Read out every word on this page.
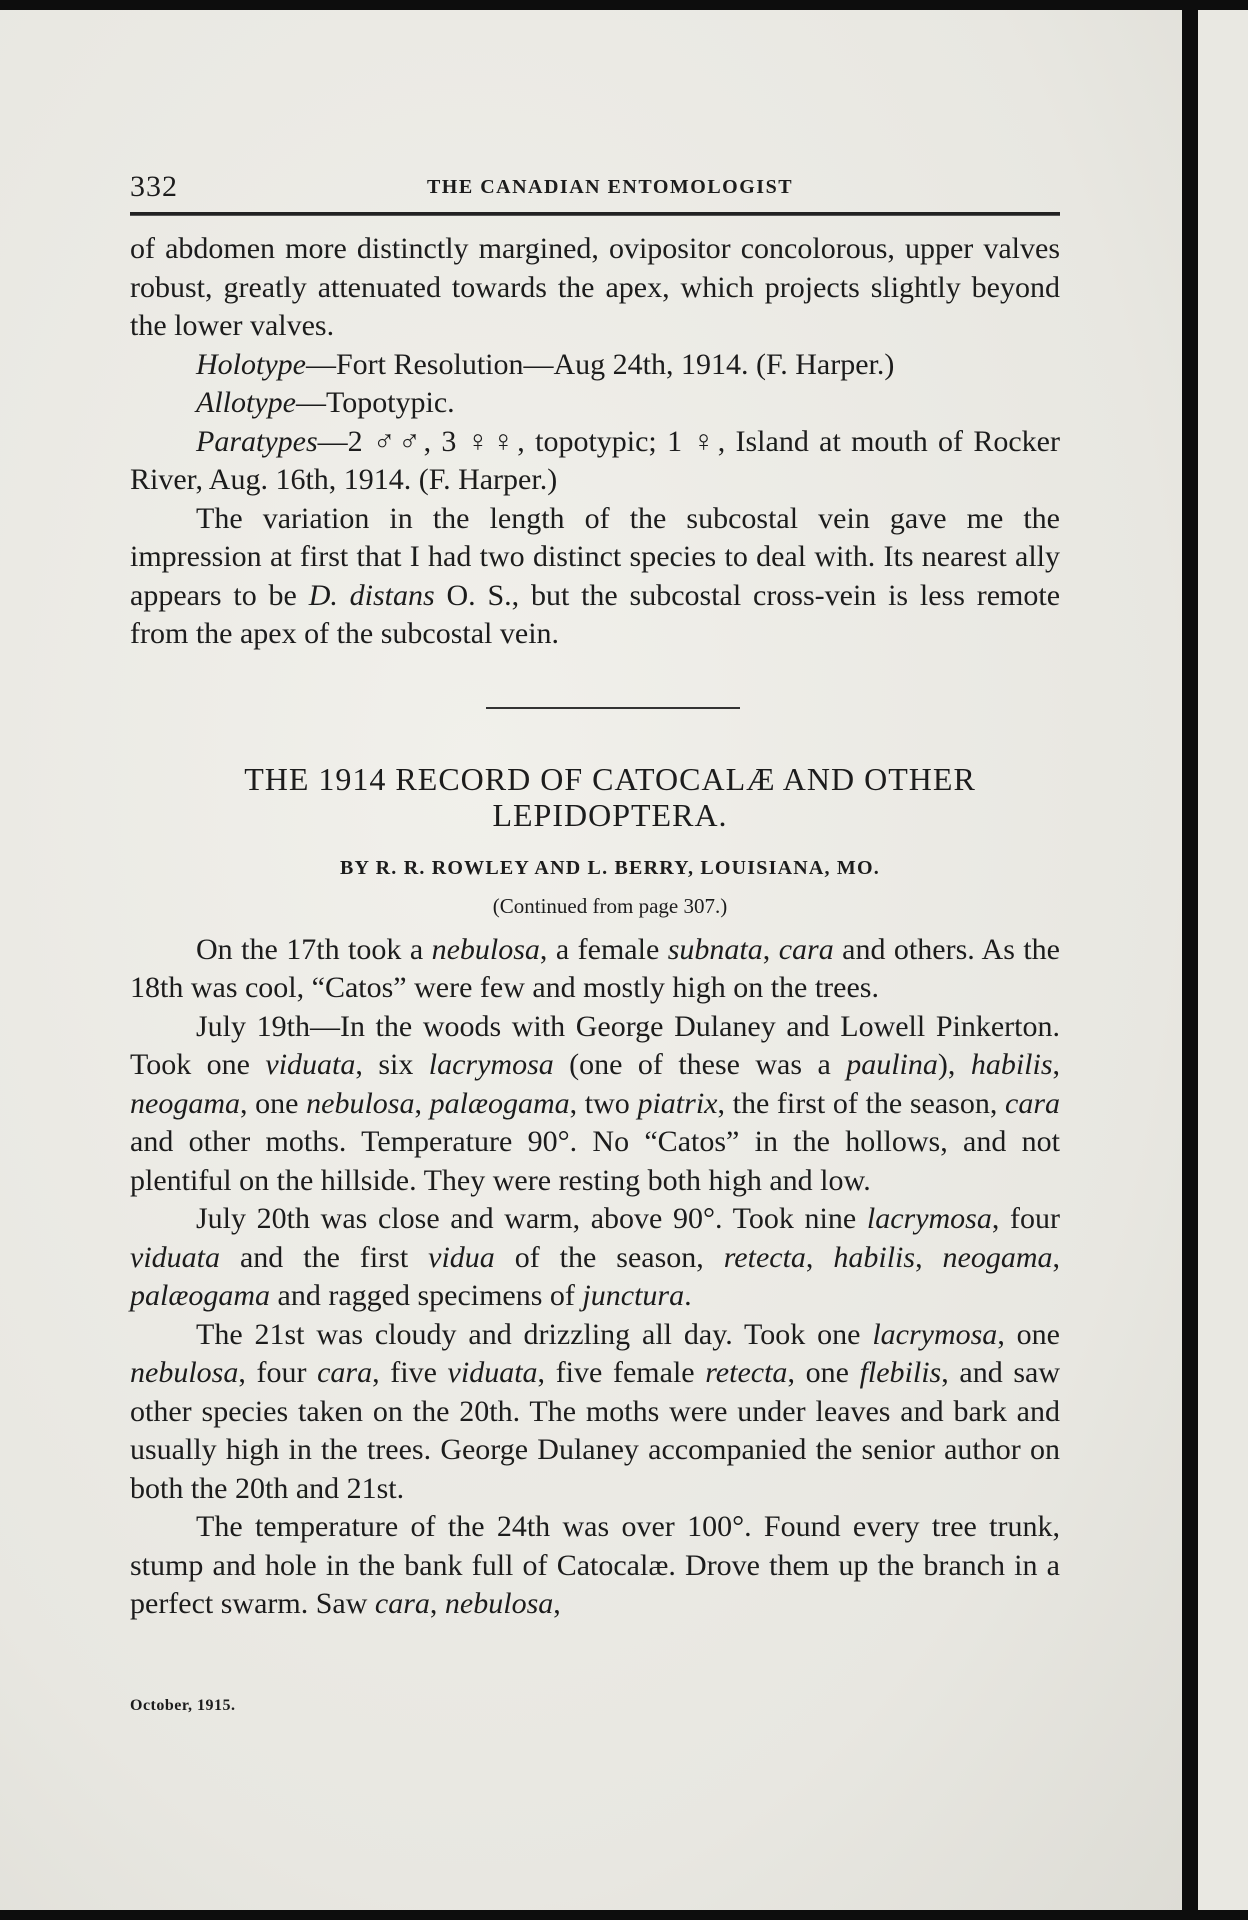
332	THE CANADIAN ENTOMOLOGIST

of abdomen more distinctly margined, ovipositor concolorous, upper valves robust, greatly attenuated towards the apex, which projects slightly beyond the lower valves.

Holotype—Fort Resolution—Aug 24th, 1914. (F. Harper.)

Allotype—Topotypic.

Paratypes—2 ♂♂, 3 ♀♀, topotypic; 1 ♀, Island at mouth of Rocker River, Aug. 16th, 1914. (F. Harper.)

The variation in the length of the subcostal vein gave me the impression at first that I had two distinct species to deal with. Its nearest ally appears to be D. distans O. S., but the subcostal cross-vein is less remote from the apex of the subcostal vein.

THE 1914 RECORD OF CATOCALÆ AND OTHER
LEPIDOPTERA.
BY R. R. ROWLEY AND L. BERRY, LOUISIANA, MO.
(Continued from page 307.)

On the 17th took a nebulosa, a female subnata, cara and others. As the 18th was cool, “Catos” were few and mostly high on the trees.

July 19th—In the woods with George Dulaney and Lowell Pinkerton. Took one viduata, six lacrymosa (one of these was a paulina), habilis, neogama, one nebulosa, palæogama, two piatrix, the first of the season, cara and other moths. Temperature 90°. No “Catos” in the hollows, and not plentiful on the hillside. They were resting both high and low.

July 20th was close and warm, above 90°. Took nine lacrymosa, four viduata and the first vidua of the season, retecta, habilis, neogama, palæogama and ragged specimens of junctura.

The 21st was cloudy and drizzling all day. Took one lacrymosa, one nebulosa, four cara, five viduata, five female retecta, one flebilis, and saw other species taken on the 20th. The moths were under leaves and bark and usually high in the trees. George Dulaney accompanied the senior author on both the 20th and 21st.

The temperature of the 24th was over 100°. Found every tree trunk, stump and hole in the bank full of Catocalæ. Drove them up the branch in a perfect swarm. Saw cara, nebulosa,

October, 1915.
